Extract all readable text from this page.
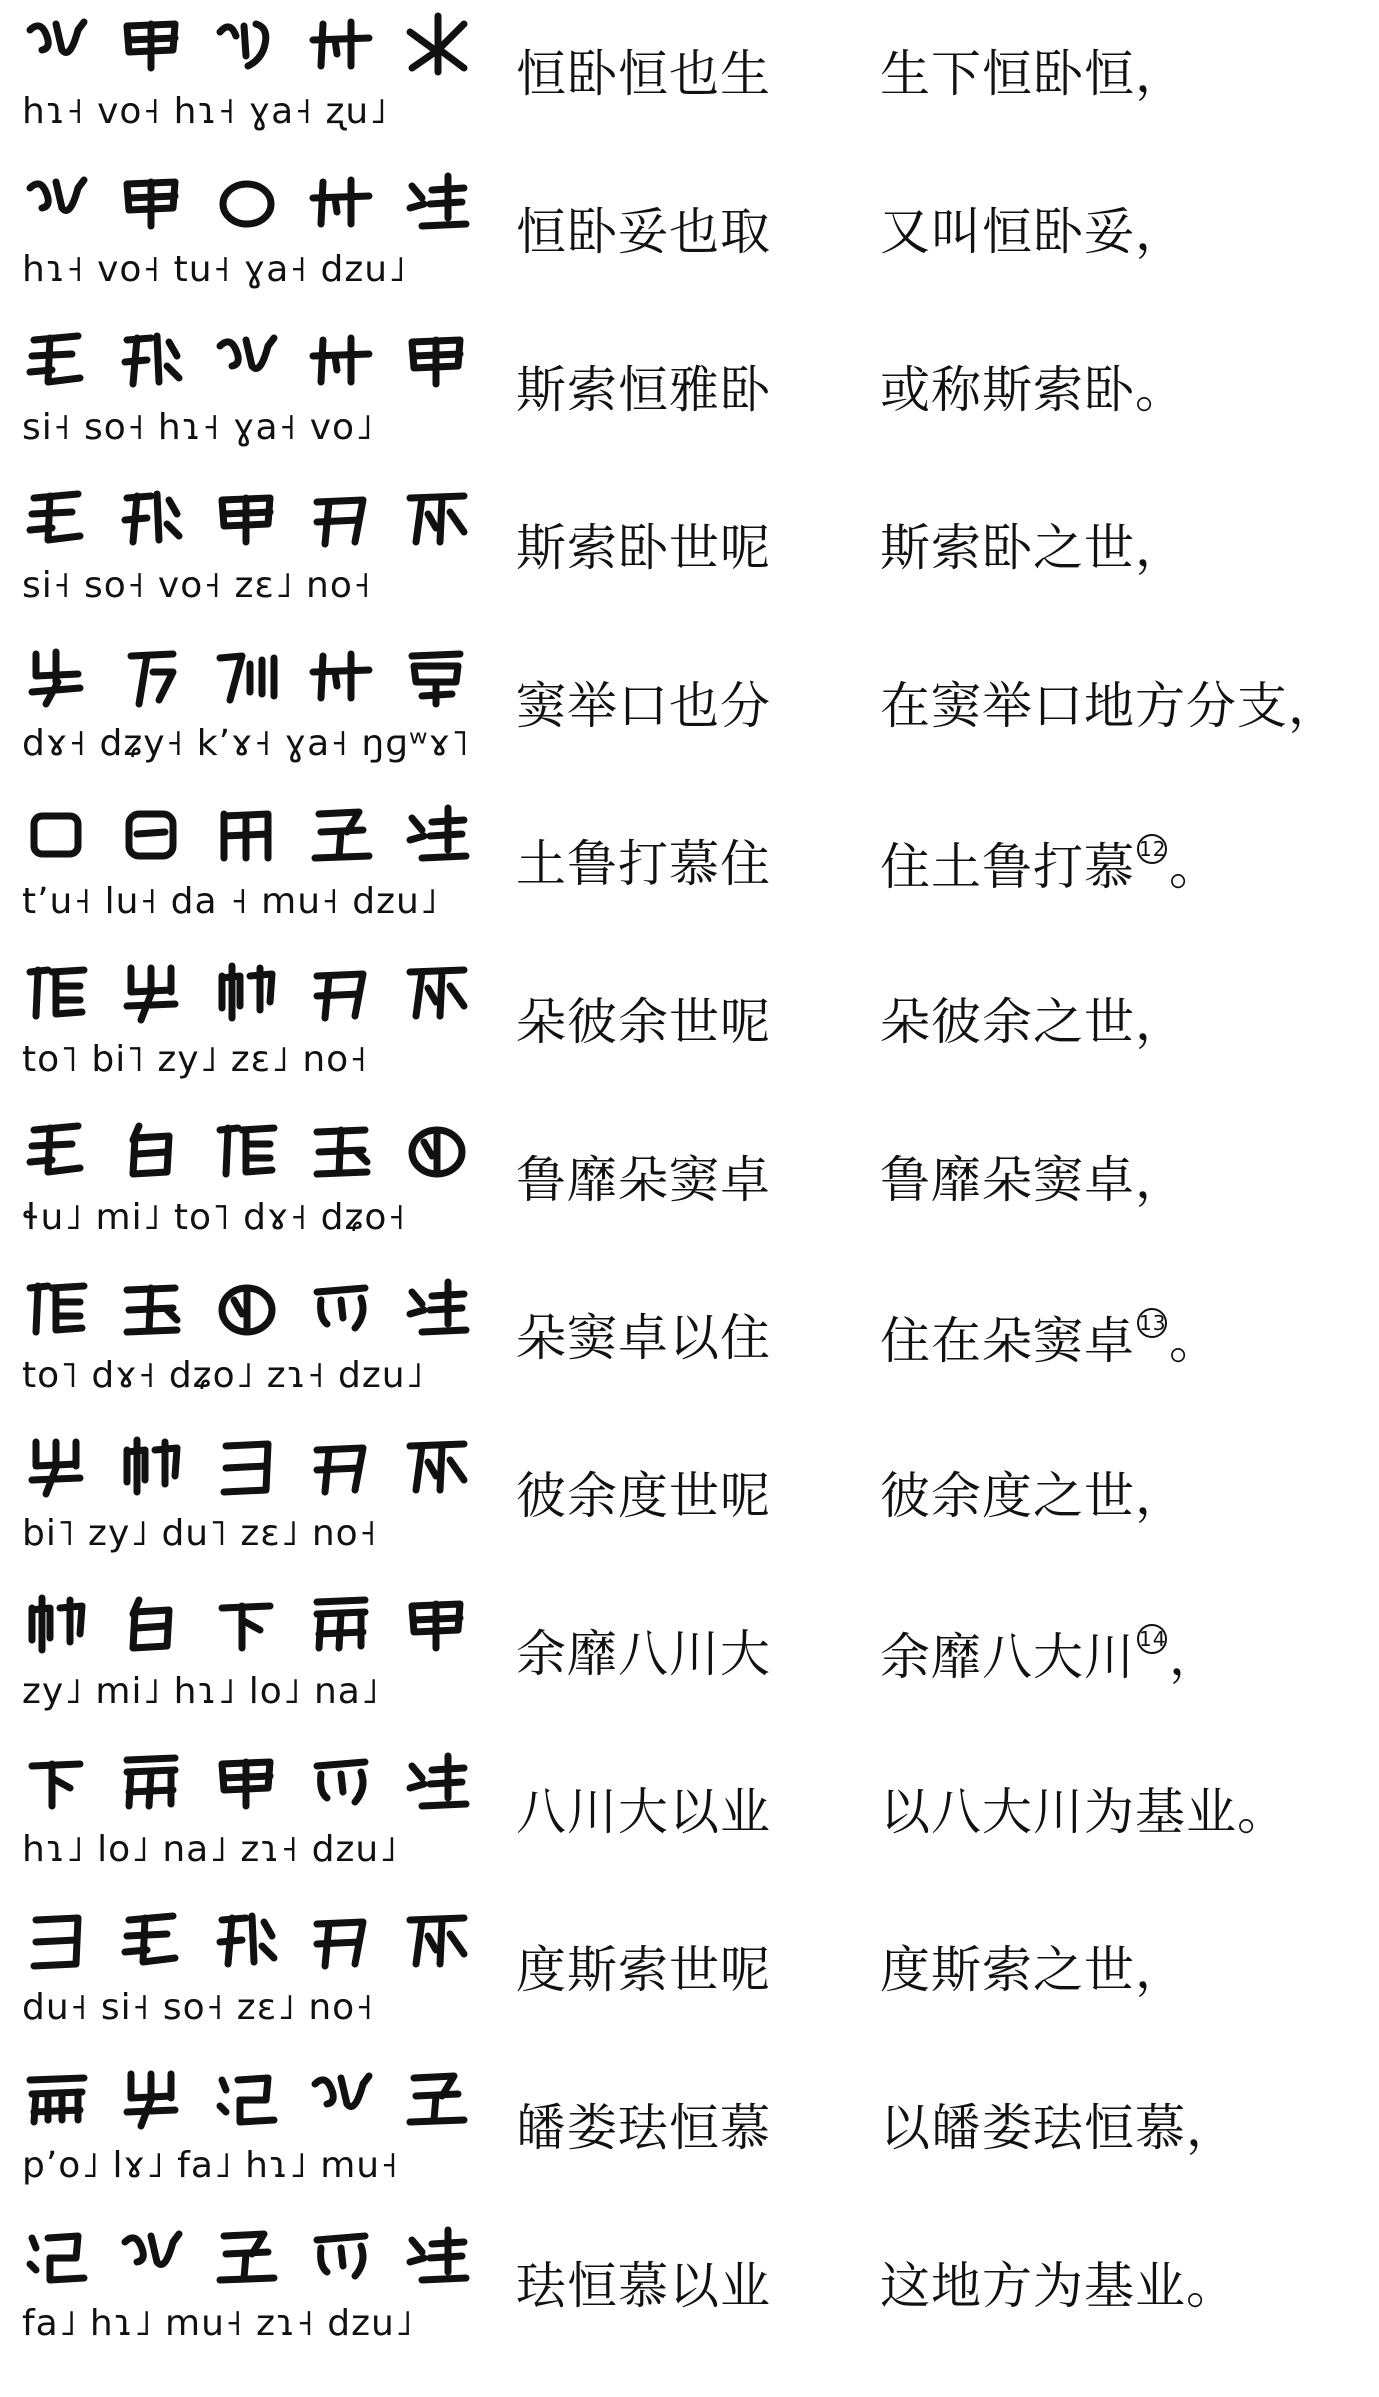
hɿ˧ vo˧ hɿ˧ ɣa˧ ʐu˩
恒卧恒也生 生下恒卧恒，
hɿ˧ vo˧ tu˧ ɣa˧ dzu˩
恒卧妥也取 又叫恒卧妥，
si˧ so˧ hɿ˧ ɣa˧ vo˩
斯索恒雅卧 或称斯索卧。
si˧ so˧ vo˧ zɛ˩ no˧
斯索卧世呢 斯索卧之世，
dɤ˧ dʑy˧ kʼɤ˧ ɣa˧ ŋɡʷɤ˥
窦举口也分 在窦举口地方分支，
tʼu˧ lu˧ da ˧ mu˧ dzu˩
土鲁打慕住 住土鲁打慕 12。
to˥ bi˥ zy˩ zɛ˩ no˧
朵彼余世呢 朵彼余之世，
ɬu˩ mi˩ to˥ dɤ˧ dʑo˧
鲁靡朵窦卓 鲁靡朵窦卓，
to˥ dɤ˧ dʑo˩ zɿ˧ dzu˩
朵窦卓以住 住在朵窦卓 13。
bi˥ zy˩ du˥ zɛ˩ no˧
彼余度世呢 彼余度之世，
zy˩ mi˩ hɿ˩ lo˩ na˩
余靡八川大 余靡八大川 14，
hɿ˩ lo˩ na˩ zɿ˧ dzu˩
八川大以业 以八大川为基业。
du˧ si˧ so˧ zɛ˩ no˧
度斯索世呢 度斯索之世，
pʼo˩ lɤ˩ fa˩ hɿ˩ mu˧
皤娄珐恒慕 以皤娄珐恒慕，
fa˩ hɿ˩ mu˧ zɿ˧ dzu˩
珐恒慕以业 这地方为基业。
